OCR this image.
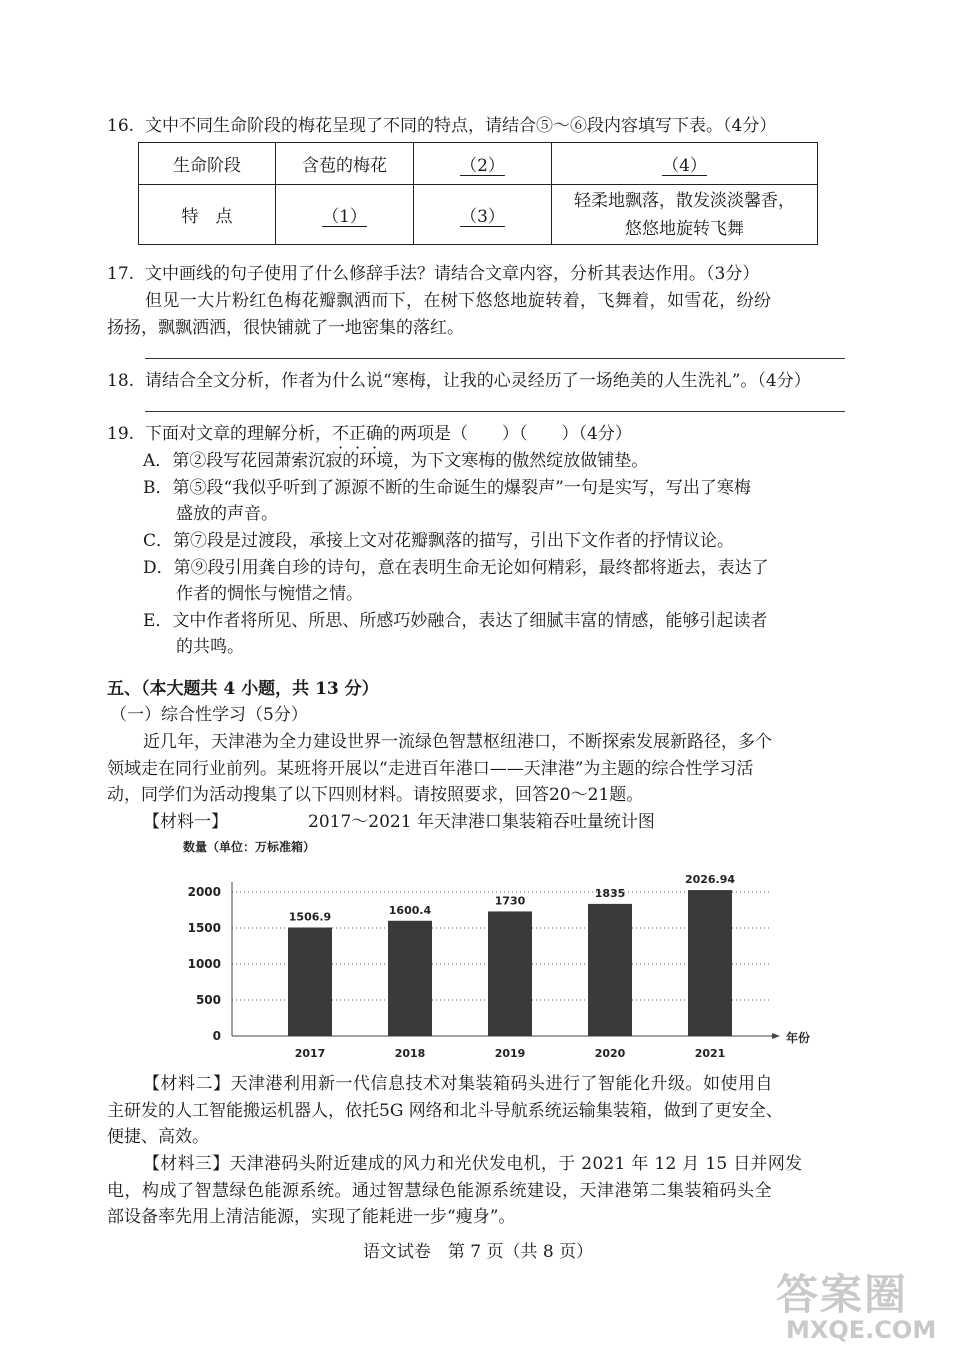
16. 文中不同生命阶段的梅花呈现了不同的特点，请结合⑤～⑥段内容填写下表。（4分）
生命阶段	含苞的梅花	（2）	（4）
特　点	（1）	（3）	轻柔地飘落，散发淡淡馨香，
悠悠地旋转飞舞
17. 文中画线的句子使用了什么修辞手法？请结合文章内容，分析其表达作用。（3分）
但见一大片粉红色梅花瓣飘洒而下，在树下悠悠地旋转着，飞舞着，如雪花，纷纷
扬扬，飘飘洒洒，很快铺就了一地密集的落红。
18. 请结合全文分析，作者为什么说“寒梅，让我的心灵经历了一场绝美的人生洗礼”。（4分）
19. 下面对文章的理解分析，不正确的两项是（　　）（　　）（4分）
A．第②段写花园萧索沉寂的环境，为下文寒梅的傲然绽放做铺垫。
B．第⑤段“我似乎听到了源源不断的生命诞生的爆裂声”一句是实写，写出了寒梅
盛放的声音。
C．第⑦段是过渡段，承接上文对花瓣飘落的描写，引出下文作者的抒情议论。
D．第⑨段引用龚自珍的诗句，意在表明生命无论如何精彩，最终都将逝去，表达了
作者的惆怅与惋惜之情。
E．文中作者将所见、所思、所感巧妙融合，表达了细腻丰富的情感，能够引起读者
的共鸣。
五、（本大题共 4 小题，共 13 分）
（一）综合性学习（5分）
近几年，天津港为全力建设世界一流绿色智慧枢纽港口，不断探索发展新路径，多个
领域走在同行业前列。某班将开展以“走进百年港口——天津港”为主题的综合性学习活
动，同学们为活动搜集了以下四则材料。请按照要求，回答20～21题。
【材料一】	2017～2021 年天津港口集装箱吞吐量统计图
数量（单位：万标准箱）
年份
0
500
1000
1500
2000
1506.9
2017
1600.4
2018
1730
2019
1835
2020
2026.94
2021
【材料二】天津港利用新一代信息技术对集装箱码头进行了智能化升级。如使用自
主研发的人工智能搬运机器人，依托5G 网络和北斗导航系统运输集装箱，做到了更安全、
便捷、高效。
【材料三】天津港码头附近建成的风力和光伏发电机，于 2021 年 12 月 15 日并网发
电，构成了智慧绿色能源系统。通过智慧绿色能源系统建设，天津港第二集装箱码头全
部设备率先用上清洁能源，实现了能耗进一步“瘦身”。
语文试卷　第 7 页（共 8 页）
答案圈
MXQE.COM
